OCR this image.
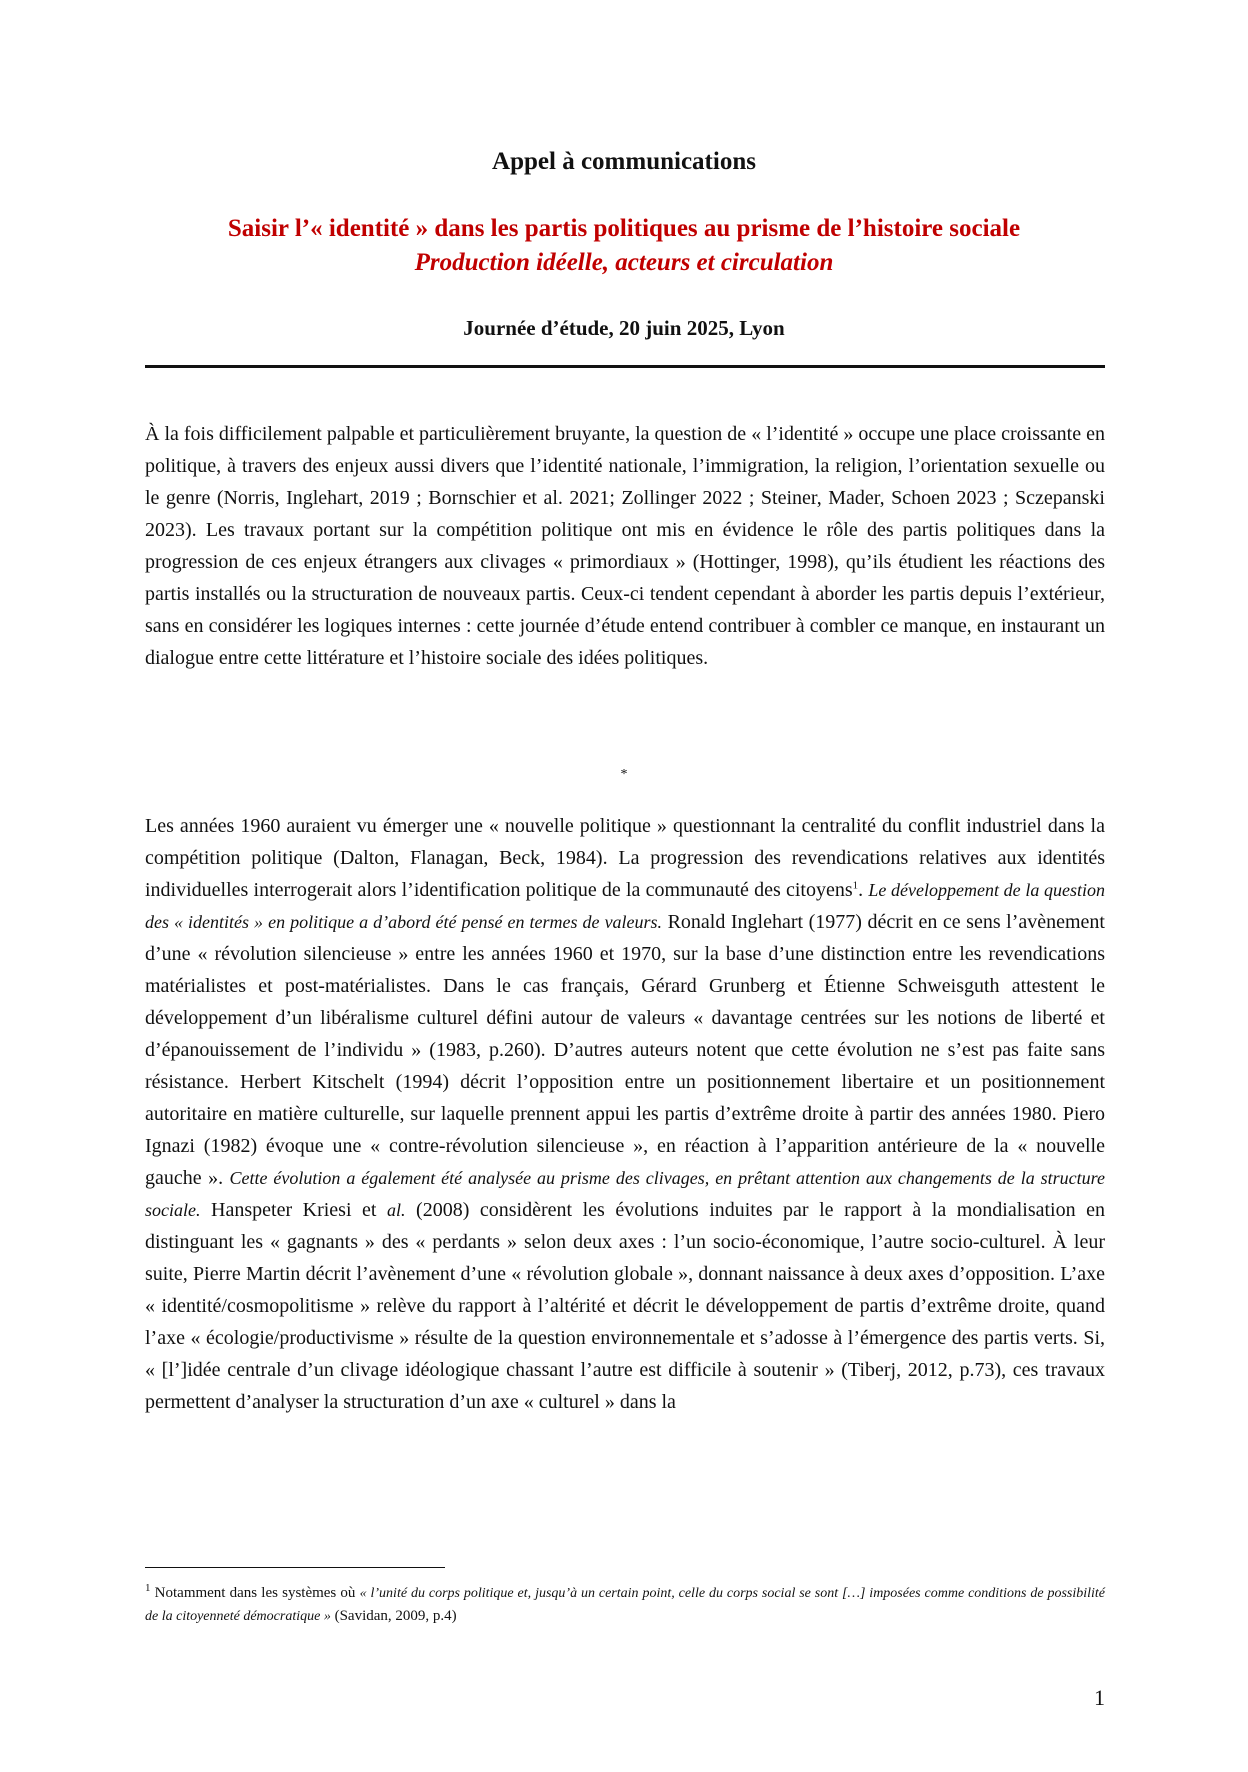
Appel à communications
Saisir l’« identité » dans les partis politiques au prisme de l’histoire sociale
Production idéelle, acteurs et circulation
Journée d’étude, 20 juin 2025, Lyon

À la fois difficilement palpable et particulièrement bruyante, la question de « l’identité » occupe une place croissante en politique, à travers des enjeux aussi divers que l’identité nationale, l’immigration, la religion, l’orientation sexuelle ou le genre (Norris, Inglehart, 2019 ; Bornschier et al. 2021; Zollinger 2022 ; Steiner, Mader, Schoen 2023 ; Sczepanski 2023). Les travaux portant sur la compétition politique ont mis en évidence le rôle des partis politiques dans la progression de ces enjeux étrangers aux clivages « primordiaux » (Hottinger, 1998), qu’ils étudient les réactions des partis installés ou la structuration de nouveaux partis. Ceux-ci tendent cependant à aborder les partis depuis l’extérieur, sans en considérer les logiques internes : cette journée d’étude entend contribuer à combler ce manque, en instaurant un dialogue entre cette littérature et l’histoire sociale des idées politiques.

*

Les années 1960 auraient vu émerger une « nouvelle politique » questionnant la centralité du conflit industriel dans la compétition politique (Dalton, Flanagan, Beck, 1984). La progression des revendications relatives aux identités individuelles interrogerait alors l’identification politique de la communauté des citoyens$^1$. Le développement de la question des « identités » en politique a d’abord été pensé en termes de valeurs. Ronald Inglehart (1977) décrit en ce sens l’avènement d’une « révolution silencieuse » entre les années 1960 et 1970, sur la base d’une distinction entre les revendications matérialistes et post-matérialistes. Dans le cas français, Gérard Grunberg et Étienne Schweisguth attestent le développement d’un libéralisme culturel défini autour de valeurs « davantage centrées sur les notions de liberté et d’épanouissement de l’individu » (1983, p.260). D’autres auteurs notent que cette évolution ne s’est pas faite sans résistance. Herbert Kitschelt (1994) décrit l’opposition entre un positionnement libertaire et un positionnement autoritaire en matière culturelle, sur laquelle prennent appui les partis d’extrême droite à partir des années 1980. Piero Ignazi (1982) évoque une « contre-révolution silencieuse », en réaction à l’apparition antérieure de la « nouvelle gauche ». Cette évolution a également été analysée au prisme des clivages, en prêtant attention aux changements de la structure sociale. Hanspeter Kriesi et al. (2008) considèrent les évolutions induites par le rapport à la mondialisation en distinguant les « gagnants » des « perdants » selon deux axes : l’un socio-économique, l’autre socio-culturel. À leur suite, Pierre Martin décrit l’avènement d’une « révolution globale », donnant naissance à deux axes d’opposition. L’axe « identité/cosmopolitisme » relève du rapport à l’altérité et décrit le développement de partis d’extrême droite, quand l’axe « écologie/productivisme » résulte de la question environnementale et s’adosse à l’émergence des partis verts. Si, « [l’]idée centrale d’un clivage idéologique chassant l’autre est difficile à soutenir » (Tiberj, 2012, p.73), ces travaux permettent d’analyser la structuration d’un axe « culturel » dans la

$^1$ Notamment dans les systèmes où « l’unité du corps politique et, jusqu’à un certain point, celle du corps social se sont […] imposées comme conditions de possibilité de la citoyenneté démocratique » (Savidan, 2009, p.4)
1
